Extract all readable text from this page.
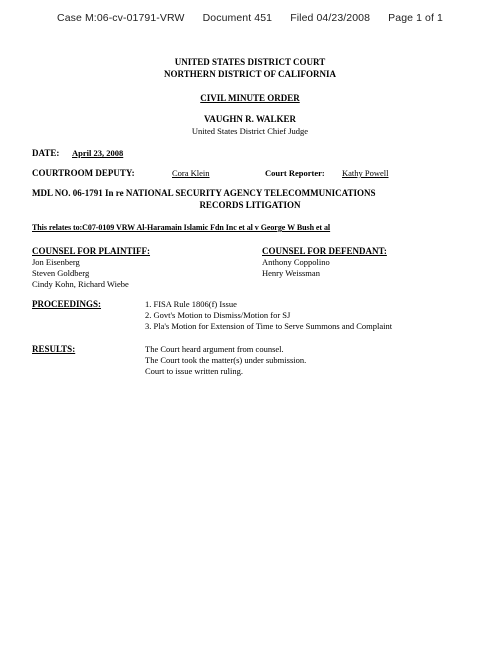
Case M:06-cv-01791-VRW Document 451 Filed 04/23/2008 Page 1 of 1
UNITED STATES DISTRICT COURT
NORTHERN DISTRICT OF CALIFORNIA
CIVIL MINUTE ORDER
VAUGHN R. WALKER
United States District Chief Judge
DATE: April 23, 2008
COURTROOM DEPUTY:	Cora Klein	Court Reporter:	Kathy Powell
MDL NO. 06-1791 In re NATIONAL SECURITY AGENCY TELECOMMUNICATIONS
RECORDS LITIGATION
This relates to:C07-0109 VRW Al-Haramain Islamic Fdn Inc et al v George W Bush et al
COUNSEL FOR PLAINTIFF:
Jon Eisenberg
Steven Goldberg
Cindy Kohn, Richard Wiebe
COUNSEL FOR DEFENDANT:
Anthony Coppolino
Henry Weissman
PROCEEDINGS:	1. FISA Rule 1806(f) Issue
2. Govt's Motion to Dismiss/Motion for SJ
3. Pla's Motion for Extension of Time to Serve Summons and Complaint
RESULTS:	The Court heard argument from counsel.
The Court took the matter(s) under submission.
Court to issue written ruling.
